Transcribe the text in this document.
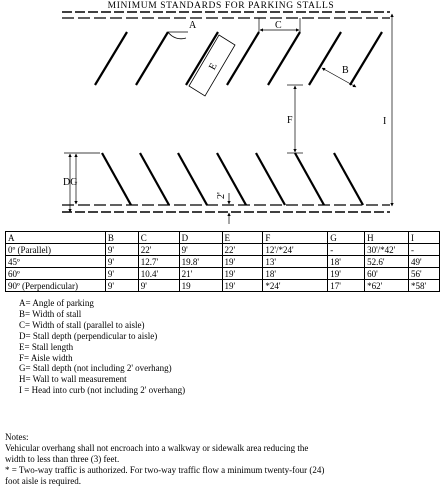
MINIMUM STANDARDS FOR PARKING STALLS
A	C
E	B
F	I
DG
2'
A	B	C	D	E	F	G	H	I
0º (Parallel)	9'	22'	9'	22'	12'/*24'	-	30'/*42'	-
45º	9'	12.7'	19.8'	19'	13'	18'	52.6'	49'
60º	9'	10.4'	21'	19'	18'	19'	60'	56'
90º (Perpendicular)	9'	9'	19	19'	*24'	17'	*62'	*58'
A= Angle of parking
B= Width of stall
C= Width of stall (parallel to aisle)
D= Stall depth (perpendicular to aisle)
E= Stall length
F= Aisle width
G= Stall depth (not including 2' overhang)
H= Wall to wall measurement
I = Head into curb (not including 2' overhang)
Notes:
Vehicular overhang shall not encroach into a walkway or sidewalk area reducing the
width to less than three (3) feet.
* = Two-way traffic is authorized. For two-way traffic flow a minimum twenty-four (24)
foot aisle is required.
